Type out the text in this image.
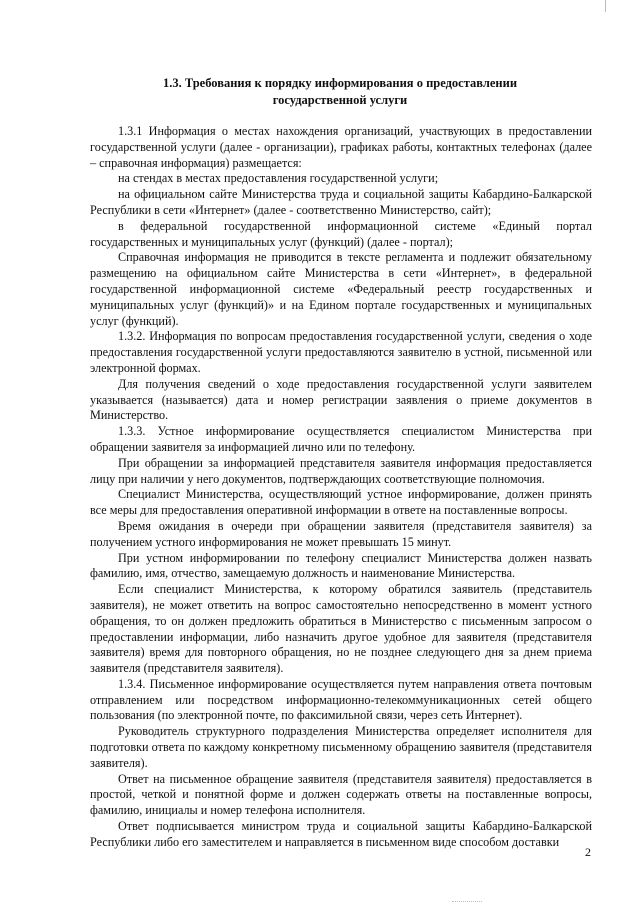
1.3. Требования к порядку информирования о предоставлении
государственной услуги

1.3.1 Информация о местах нахождения организаций, участвующих в предоставлении государственной услуги (далее - организации), графиках работы, контактных телефонах (далее – справочная информация) размещается:

на стендах в местах предоставления государственной услуги;

на официальном сайте Министерства труда и социальной защиты Кабардино-Балкарской Республики в сети «Интернет» (далее - соответственно Министерство, сайт);

в федеральной государственной информационной системе «Единый портал государственных и муниципальных услуг (функций) (далее - портал);

Справочная информация не приводится в тексте регламента и подлежит обязательному размещению на официальном сайте Министерства в сети «Интернет», в федеральной государственной информационной системе «Федеральный реестр государственных и муниципальных услуг (функций)» и на Едином портале государственных и муниципальных услуг (функций).

1.3.2. Информация по вопросам предоставления государственной услуги, сведения о ходе предоставления государственной услуги предоставляются заявителю в устной, письменной или электронной формах.

Для получения сведений о ходе предоставления государственной услуги заявителем указывается (называется) дата и номер регистрации заявления о приеме документов в Министерство.

1.3.3. Устное информирование осуществляется специалистом Министерства при обращении заявителя за информацией лично или по телефону.

При обращении за информацией представителя заявителя информация предоставляется лицу при наличии у него документов, подтверждающих соответствующие полномочия.

Специалист Министерства, осуществляющий устное информирование, должен принять все меры для предоставления оперативной информации в ответе на поставленные вопросы.

Время ожидания в очереди при обращении заявителя (представителя заявителя) за получением устного информирования не может превышать 15 минут.

При устном информировании по телефону специалист Министерства должен назвать фамилию, имя, отчество, замещаемую должность и наименование Министерства.

Если специалист Министерства, к которому обратился заявитель (представитель заявителя), не может ответить на вопрос самостоятельно непосредственно в момент устного обращения, то он должен предложить обратиться в Министерство с письменным запросом о предоставлении информации, либо назначить другое удобное для заявителя (представителя заявителя) время для повторного обращения, но не позднее следующего дня за днем приема заявителя (представителя заявителя).

1.3.4. Письменное информирование осуществляется путем направления ответа почтовым отправлением или посредством информационно-телекоммуникационных сетей общего пользования (по электронной почте, по факсимильной связи, через сеть Интернет).

Руководитель структурного подразделения Министерства определяет исполнителя для подготовки ответа по каждому конкретному письменному обращению заявителя (представителя заявителя).

Ответ на письменное обращение заявителя (представителя заявителя) предоставляется в простой, четкой и понятной форме и должен содержать ответы на поставленные вопросы, фамилию, инициалы и номер телефона исполнителя.

Ответ подписывается министром труда и социальной защиты Кабардино-Балкарской Республики либо его заместителем и направляется в письменном виде способом доставки

2
